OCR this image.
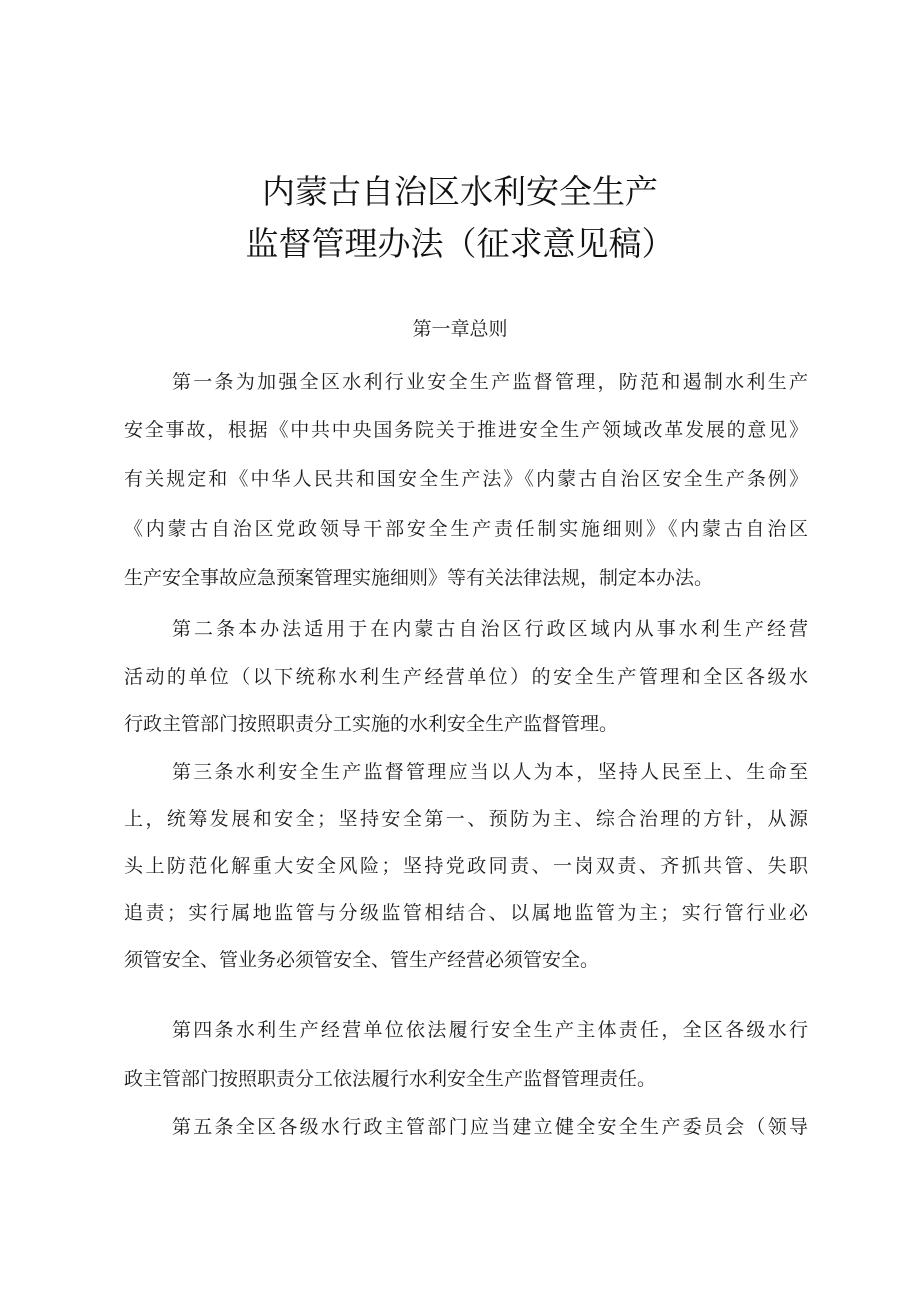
内蒙古自治区水利安全生产
监督管理办法（征求意见稿）
第一章总则
第一条为加强全区水利行业安全生产监督管理，防范和遏制水利生产
安全事故，根据《中共中央国务院关于推进安全生产领域改革发展的意见》
有关规定和《中华人民共和国安全生产法》《内蒙古自治区安全生产条例》
《内蒙古自治区党政领导干部安全生产责任制实施细则》《内蒙古自治区
生产安全事故应急预案管理实施细则》等有关法律法规，制定本办法。
第二条本办法适用于在内蒙古自治区行政区域内从事水利生产经营
活动的单位（以下统称水利生产经营单位）的安全生产管理和全区各级水
行政主管部门按照职责分工实施的水利安全生产监督管理。
第三条水利安全生产监督管理应当以人为本，坚持人民至上、生命至
上，统筹发展和安全；坚持安全第一、预防为主、综合治理的方针，从源
头上防范化解重大安全风险；坚持党政同责、一岗双责、齐抓共管、失职
追责；实行属地监管与分级监管相结合、以属地监管为主；实行管行业必
须管安全、管业务必须管安全、管生产经营必须管安全。
第四条水利生产经营单位依法履行安全生产主体责任，全区各级水行
政主管部门按照职责分工依法履行水利安全生产监督管理责任。
第五条全区各级水行政主管部门应当建立健全安全生产委员会（领导
